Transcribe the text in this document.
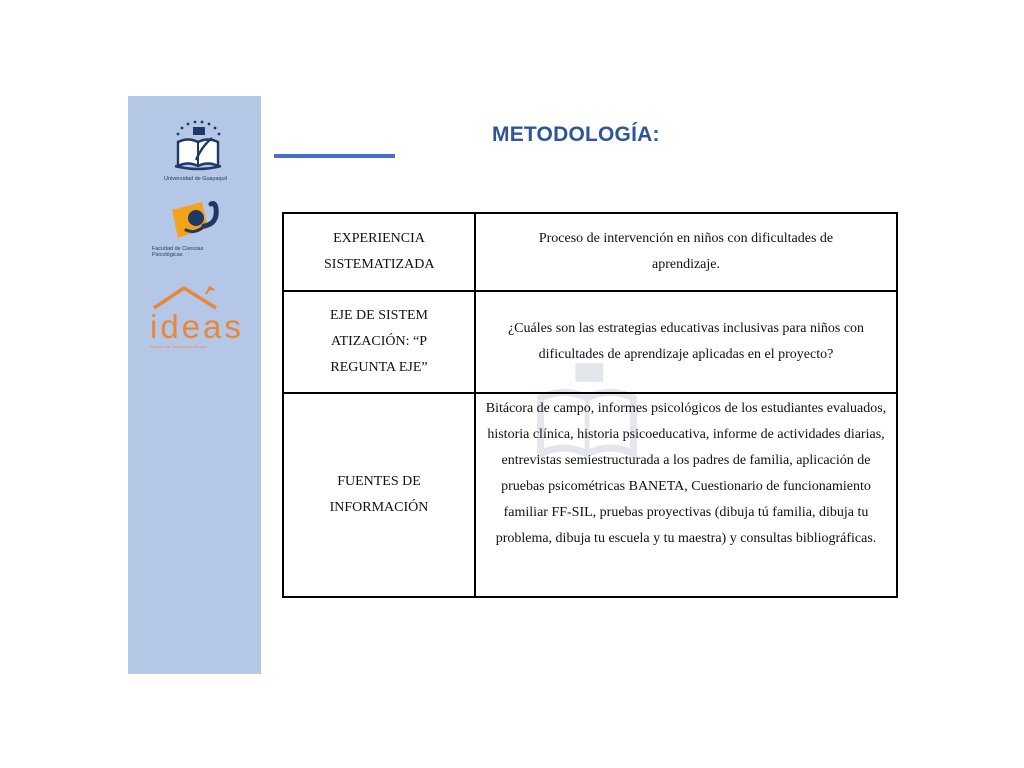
Universidad de Guayaquil
Facultad de Ciencias Psicológicas
ideas
Centro de Desarrollo Social
METODOLOGÍA:
EXPERIENCIA SISTEMATIZADA	Proceso de intervención en niños con dificultades de aprendizaje.

EJE DE SISTEMATIZACIÓN: “PREGUNTA EJE”	¿Cuáles son las estrategias educativas inclusivas para niños con dificultades de aprendizaje aplicadas en el proyecto?

FUENTES DE INFORMACIÓN	Bitácora de campo, informes psicológicos de los estudiantes evaluados, historia clínica, historia psicoeducativa, informe de actividades diarias, entrevistas semiestructurada a los padres de familia, aplicación de pruebas psicométricas BANETA, Cuestionario de funcionamiento familiar FF-SIL, pruebas proyectivas (dibuja tú familia, dibuja tu problema, dibuja tu escuela y tu maestra) y consultas bibliográficas.
